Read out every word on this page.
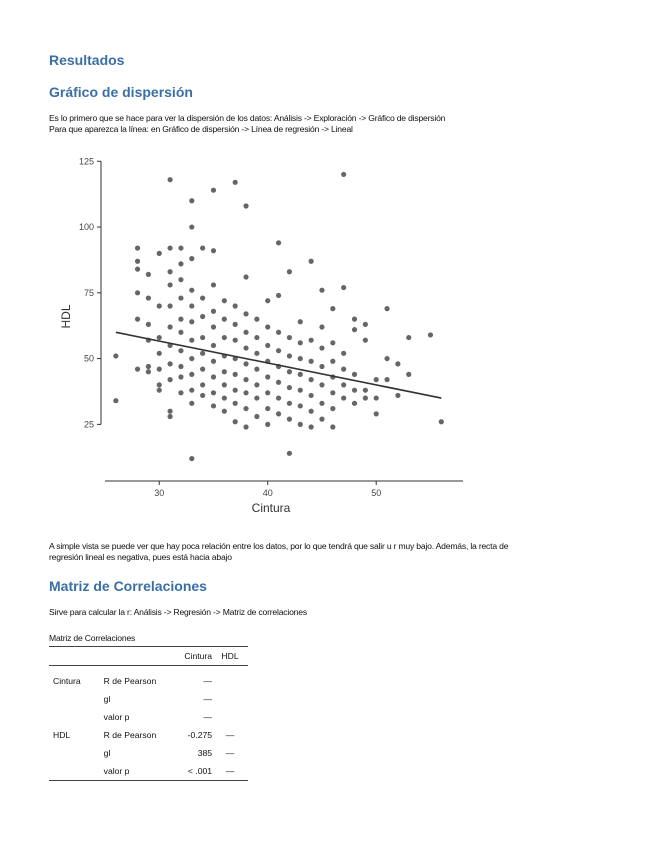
Resultados
Gráfico de dispersión
Es lo primero que se hace para ver la dispersión de los datos: Análisis -> Exploración -> Gráfico de dispersión
Para que aparezca la línea: en Gráfico de dispersión -> Línea de regresión -> Lineal
30	40	50
25
50
75
100
125
Cintura
HDL
A simple vista se puede ver que hay poca relación entre los datos, por lo que tendrá que salir u r muy bajo. Además, la recta de
regresión lineal es negativa, pues está hacia abajo
Matriz de Correlaciones
Sirve para calcular la r: Análisis -> Regresión -> Matriz de correlaciones
Matriz de Correlaciones
		Cintura	HDL
Cintura	R de Pearson	—	
	gl	—	
	valor p	—	
HDL	R de Pearson	-0.275	—
	gl	385	—
	valor p	< .001	—
